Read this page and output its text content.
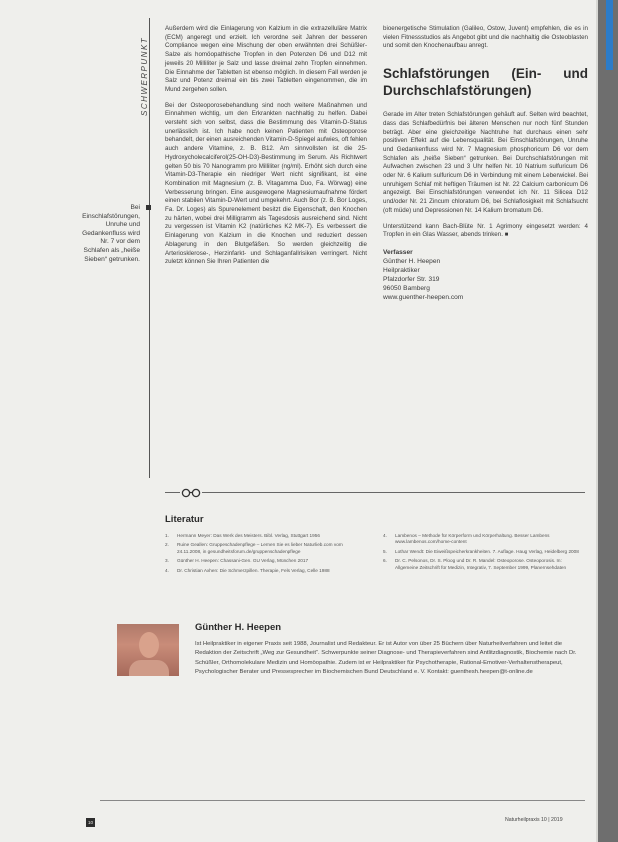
SCHWERPUNKT
Bei Einschlafstörungen, Unruhe und Gedankenfluss wird Nr. 7 vor dem Schlafen als „heiße Sieben“ getrunken.

Außerdem wird die Einlagerung von Kalzium in die extrazelluläre Matrix (ECM) angeregt und erzielt. Ich verordne seit Jahren der besseren Compliance wegen eine Mischung der oben erwähnten drei Schüßler-Salze als homöopathische Tropfen in den Potenzen D6 und D12 mit jeweils 20 Milliliter je Salz und lasse dreimal zehn Tropfen einnehmen. Die Einnahme der Tabletten ist ebenso möglich. In diesem Fall werden je Salz und Potenz dreimal ein bis zwei Tabletten eingenommen, die im Mund zergehen sollen.

Bei der Osteoporosebehandlung sind noch weitere Maßnahmen und Einnahmen wichtig, um den Erkrankten nachhaltig zu helfen. Dabei versteht sich von selbst, dass die Bestimmung des Vitamin-D-Status unerlässlich ist. Ich habe noch keinen Patienten mit Osteoporose behandelt, der einen ausreichenden Vitamin-D-Spiegel aufwies, oft fehlen auch andere Vitamine, z. B. B12. Am sinnvollsten ist die 25-Hydroxycholecalciferol(25-OH-D3)-Bestimmung im Serum. Als Richtwert gelten 50 bis 70 Nanogramm pro Milliliter (ng/ml). Erhöht sich durch eine Vitamin-D3-Therapie ein niedriger Wert nicht signifikant, ist eine Kombination mit Magnesium (z. B. Vitagamma Duo, Fa. Wörwag) eine Verbesserung bringen. Eine ausgewogene Magnesiumaufnahme fördert einen stabilen Vitamin-D-Wert und umgekehrt. Auch Bor (z. B. Bor Loges, Fa. Dr. Loges) als Spurenelement besitzt die Eigenschaft, den Knochen zu härten, wobei drei Milligramm als Tagesdosis ausreichend sind. Nicht zu vergessen ist Vitamin K2 (natürliches K2 MK-7). Es verbessert die Einlagerung von Kalzium in die Knochen und reduziert dessen Ablagerung in den Blutgefäßen. So werden gleichzeitig die Arteriosklerose-, Herzinfarkt- und Schlaganfallrisiken verringert. Nicht zuletzt können Sie Ihren Patienten die

bioenergetische Stimulation (Galileo, Ostow, Juvent) empfehlen, die es in vielen Fitnessstudios als Angebot gibt und die nachhaltig die Osteoblasten und somit den Knochenaufbau anregt.

Schlafstörungen (Ein- und Durchschlafstörungen)

Gerade im Alter treten Schlafstörungen gehäuft auf. Selten wird beachtet, dass das Schlafbedürfnis bei älteren Menschen nur noch fünf Stunden beträgt. Aber eine gleichzeitige Nachtruhe hat durchaus einen sehr positiven Effekt auf die Lebensqualität. Bei Einschlafstörungen, Unruhe und Gedankenfluss wird Nr. 7 Magnesium phosphoricum D6 vor dem Schlafen als „heiße Sieben“ getrunken. Bei Durchschlafstörungen mit Aufwachen zwischen 23 und 3 Uhr helfen Nr. 10 Natrium sulfuricum D6 oder Nr. 6 Kalium sulfuricum D6 in Verbindung mit einem Leberwickel. Bei unruhigem Schlaf mit heftigen Träumen ist Nr. 22 Calcium carbonicum D6 angezeigt. Bei Einschlafstörungen verwendet ich Nr. 11 Silicea D12 und/oder Nr. 21 Zincum chloratum D6, bei Schlaflosigkeit mit Schlafsucht (oft müde) und Depressionen Nr. 14 Kalium bromatum D6.

Unterstützend kann Bach-Blüte Nr. 1 Agrimony eingesetzt werden: 4 Tropfen in ein Glas Wasser, abends trinken. ■

Verfasser
Günther H. Heepen
Heilpraktiker
Pfalzdorfer Str. 319
96050 Bamberg
www.guenther-heepen.com
Literatur
1.	Hermann Meyer: Das Werk des Meisters. Bibl. Verlag, Stuttgart 1956
2.	Ruine Geallen: Gruppeschadenpflege – Lernen Sie es lieber Naturlieb.com vom 24.11.2008, in gesundheitsforum.de/gruppenschadenpflege
3.	Günther H. Heepen: Chassani-Gen. GU Verlag, München 2017
4.	Dr. Christian Axhen: Die Schmerzpillen. Therapie, Fels Verlag, Celle 1988
4.	Lambenos – Methode für Körperform und Körperhaltung. Besser Lambens www.lambenos.com/home-content
5.	Lothar Wendt: Die Eiweißspeicherkrankheiten. 7. Auflage. Haug Verlag, Heidelberg 2008
6.	Dr. C. Pelsonos, Dr. S. Ploog und Dr. R. Mandel: Osteoporose. Osteoporosis. In: Allgemeine Zeitschrift für Medizin, Integrativ, 7. September 1999, Planernsehdaten
Günther H. Heepen
Ist Heilpraktiker in eigener Praxis seit 1988, Journalist und Redakteur. Er ist Autor von über 25 Büchern über Naturheilverfahren und leitet die Redaktion der Zeitschrift „Weg zur Gesundheit“. Schwerpunkte seiner Diagnose- und Therapieverfahren sind Antlitzdiagnostik, Biochemie nach Dr. Schüßler, Orthomolekulare Medizin und Homöopathie. Zudem ist er Heilpraktiker für Psychotherapie, Rational-Emotiver-Verhaltenstherapeut, Psychologischer Berater und Pressesprecher im Biochemischen Bund Deutschland e. V. Kontakt: guenthesh.heepen@t-online.de
10	Naturheilpraxis 10 | 2019
